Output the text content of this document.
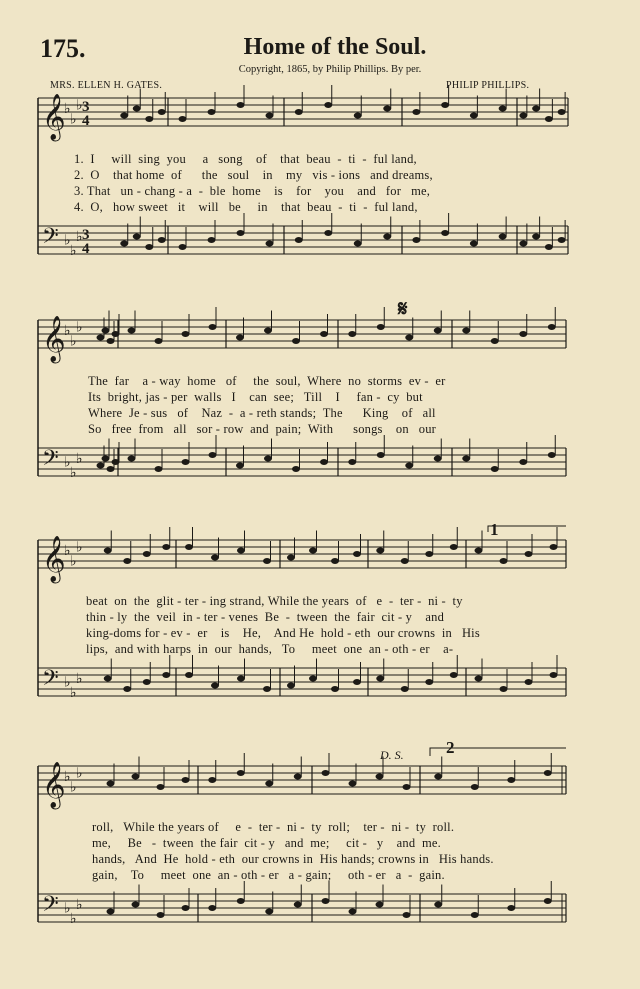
175.	Home of the Soul.
Copyright, 1865, by Philip Phillips. By per.
MRS. ELLEN H. GATES.	PHILIP PHILLIPS.
𝄞
♭
♭
♭
𝄢 ♭
♭
♭
𝄞
♭
♭
♭
𝄢 ♭
♭
♭
𝄞
♭
♭
♭
𝄢 ♭
♭
♭
𝄞
♭
♭
♭
𝄢 ♭
♭
♭
3
4
3
4
𝄋
1
D. S. 2
1.  I     will  sing  you     a   song    of    that  beau  -  ti  -  ful land,
2.  O    that home  of      the   soul    in    my   vis - ions   and dreams,
3. That   un - chang - a  -  ble  home    is    for    you    and   for   me,
4.  O,   how sweet   it    will   be     in    that  beau  -  ti  -  ful land,
The  far    a - way  home   of     the  soul,  Where  no  storms  ev -  er
Its  bright, jas - per  walls   I    can  see;   Till    I     fan -  cy  but
Where  Je - sus   of    Naz  -  a - reth stands;  The      King    of   all
So   free  from   all   sor - row  and  pain;  With      songs    on   our
beat  on  the  glit - ter - ing strand, While the years  of   e  -  ter -  ni -  ty
thin - ly  the  veil  in - ter - venes  Be  -  tween  the  fair  cit - y    and
king-doms for - ev -  er    is    He,    And He  hold - eth  our crowns  in   His
lips,  and with harps  in  our  hands,   To     meet  one  an - oth - er    a-
roll,   While the years of     e  -  ter -  ni -  ty  roll;    ter -  ni -  ty  roll.
me,     Be   -  tween  the fair  cit - y   and  me;     cit -   y    and  me.
hands,   And  He  hold - eth  our crowns in  His hands; crowns in   His hands.
gain,    To     meet  one  an - oth - er   a - gain;     oth - er   a  -  gain.
